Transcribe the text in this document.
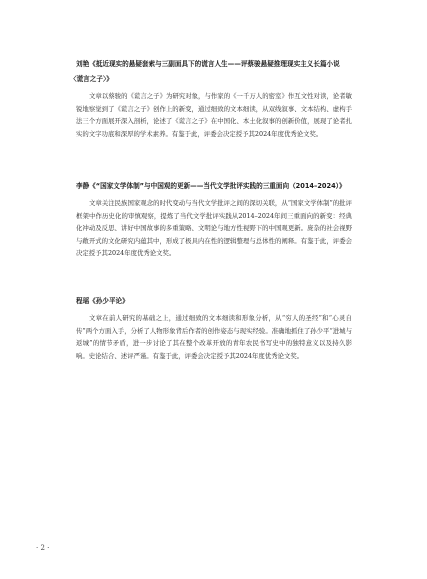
刘艳《抵近现实的悬疑套索与三副面具下的谎言人生——评蔡骏悬疑推理现实主义长篇小说
〈谎言之子〉》

文章以蔡骏的《谎言之子》为研究对象，与作家的《一千万人的密室》作互文性对读，论者敏锐地察觉到了《谎言之子》创作上的新变，通过细致的文本细读，从双线叙事、文本结构、虚构手法三个方面展开深入剖析，论述了《谎言之子》在中国化、本土化叙事的创新价值，展现了论者扎实的文字功底和深厚的学术素养。有鉴于此，评委会决定授予其2024年度优秀论文奖。

李静《“国家文学体制”与中国观的更新——当代文学批评实践的三重面向（2014–2024）》

文章关注民族国家观念的时代变动与当代文学批评之间的深切关联，从“国家文学体制”的批评框架中作历史化的审慎观察，提炼了当代文学批评实践从2014–2024年间三重面向的新变：经典化冲动及反思、讲好中国故事的多重策略、文明论与地方性视野下的中国观更新。庞杂的社会视野与敞开式的文化研究内蕴其中，形成了极具内在性的逻辑整理与总体性的阐释。有鉴于此，评委会决定授予其2024年度优秀论文奖。

程瑶《孙少平论》

文章在前人研究的基础之上，通过细致的文本细读和形象分析，从“穷人的圣经”和“心灵自传”两个方面入手，分析了人物形象背后作者的创作姿态与现实经验。准确地抓住了孙少平“进城与返城”的情节矛盾，进一步讨论了其在整个改革开放的青年农民书写史中的独特意义以及持久影响。史论结合、述评严谨。有鉴于此，评委会决定授予其2024年度优秀论文奖。

· 2 ·
